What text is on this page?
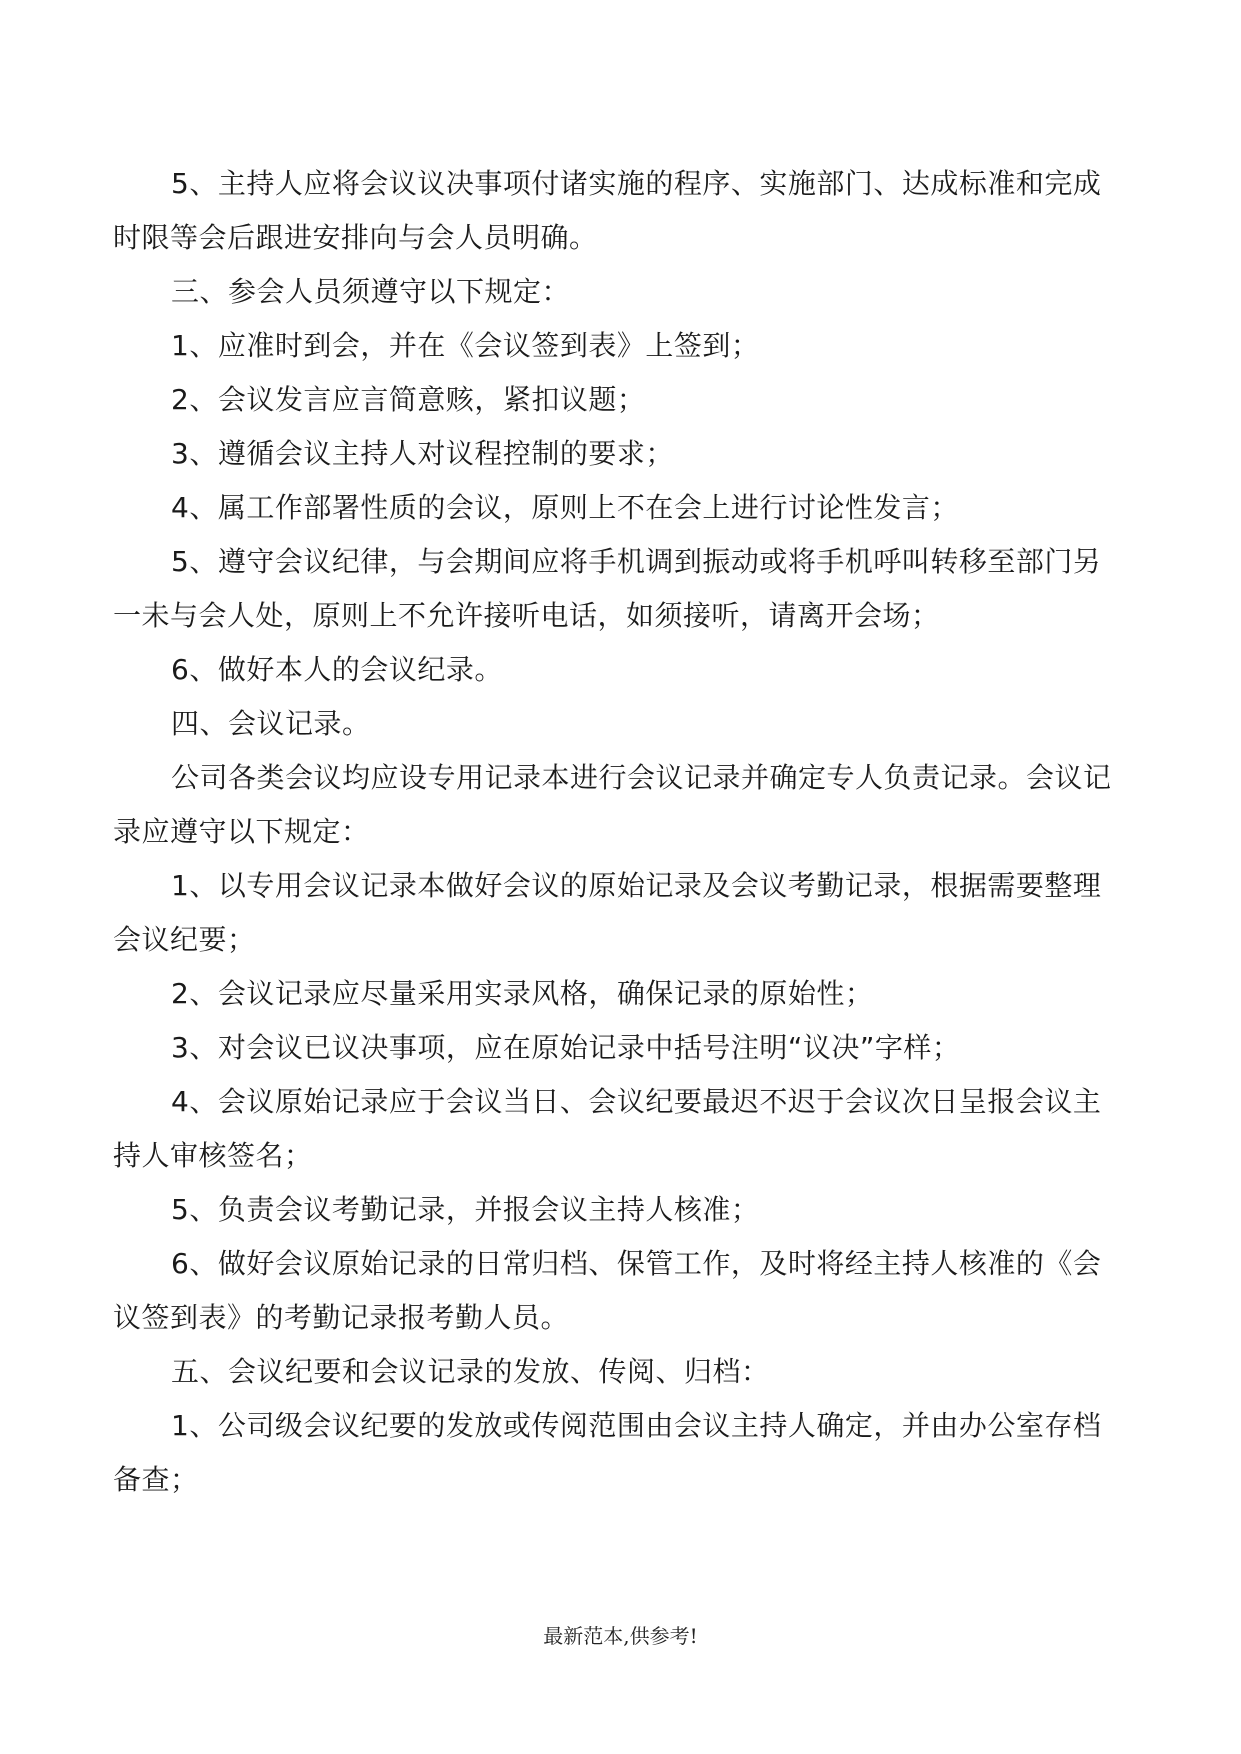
5、主持人应将会议议决事项付诸实施的程序、实施部门、达成标准和完成时限等会后跟进安排向与会人员明确。

三、参会人员须遵守以下规定：

1、应准时到会，并在《会议签到表》上签到；

2、会议发言应言简意赅，紧扣议题；

3、遵循会议主持人对议程控制的要求；

4、属工作部署性质的会议，原则上不在会上进行讨论性发言；

5、遵守会议纪律，与会期间应将手机调到振动或将手机呼叫转移至部门另一未与会人处，原则上不允许接听电话，如须接听，请离开会场；

6、做好本人的会议纪录。

四、会议记录。

公司各类会议均应设专用记录本进行会议记录并确定专人负责记录。会议记录应遵守以下规定：

1、以专用会议记录本做好会议的原始记录及会议考勤记录，根据需要整理会议纪要；

2、会议记录应尽量采用实录风格，确保记录的原始性；

3、对会议已议决事项，应在原始记录中括号注明“议决”字样；

4、会议原始记录应于会议当日、会议纪要最迟不迟于会议次日呈报会议主持人审核签名；

5、负责会议考勤记录，并报会议主持人核准；

6、做好会议原始记录的日常归档、保管工作，及时将经主持人核准的《会议签到表》的考勤记录报考勤人员。

五、会议纪要和会议记录的发放、传阅、归档：

1、公司级会议纪要的发放或传阅范围由会议主持人确定，并由办公室存档备查；

最新范本,供参考!
